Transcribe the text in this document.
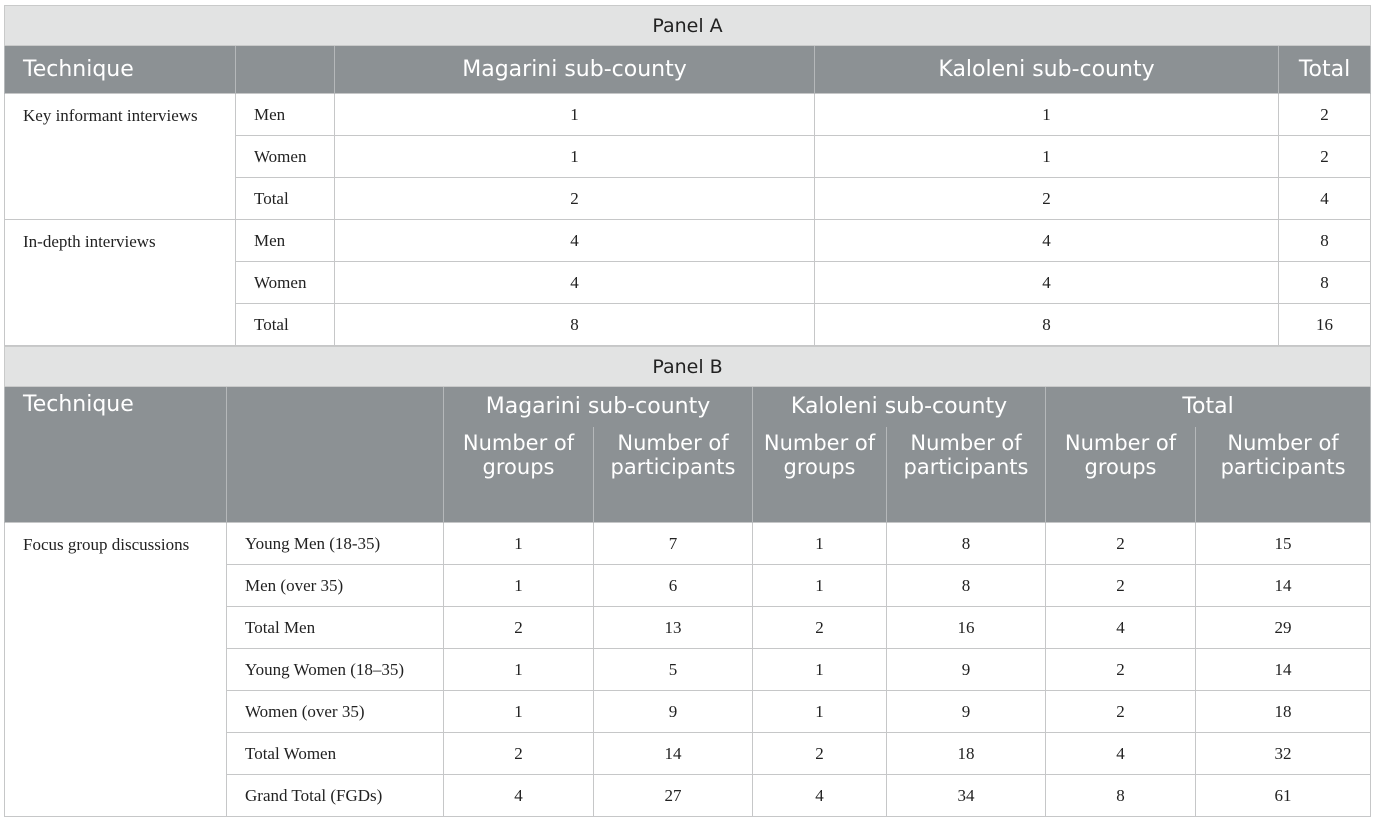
Panel A				
Technique		Magarini sub-county	Kaloleni sub-county	Total
Key informant interviews	Men	1	1	2
	Women	1	1	2
	Total	2	2	4
In-depth interviews	Men	4	4	8
	Women	4	4	8
	Total	8	8	16
Panel B							
Technique		Magarini sub-county		Kaloleni sub-county		Total	
		Number of groups	Number of participants	Number of groups	Number of participants	Number of groups	Number of participants
Focus group discussions	Young Men (18-35)	1	7	1	8	2	15
	Men (over 35)	1	6	1	8	2	14
	Total Men	2	13	2	16	4	29
	Young Women (18–35)	1	5	1	9	2	14
	Women (over 35)	1	9	1	9	2	18
	Total Women	2	14	2	18	4	32
	Grand Total (FGDs)	4	27	4	34	8	61
